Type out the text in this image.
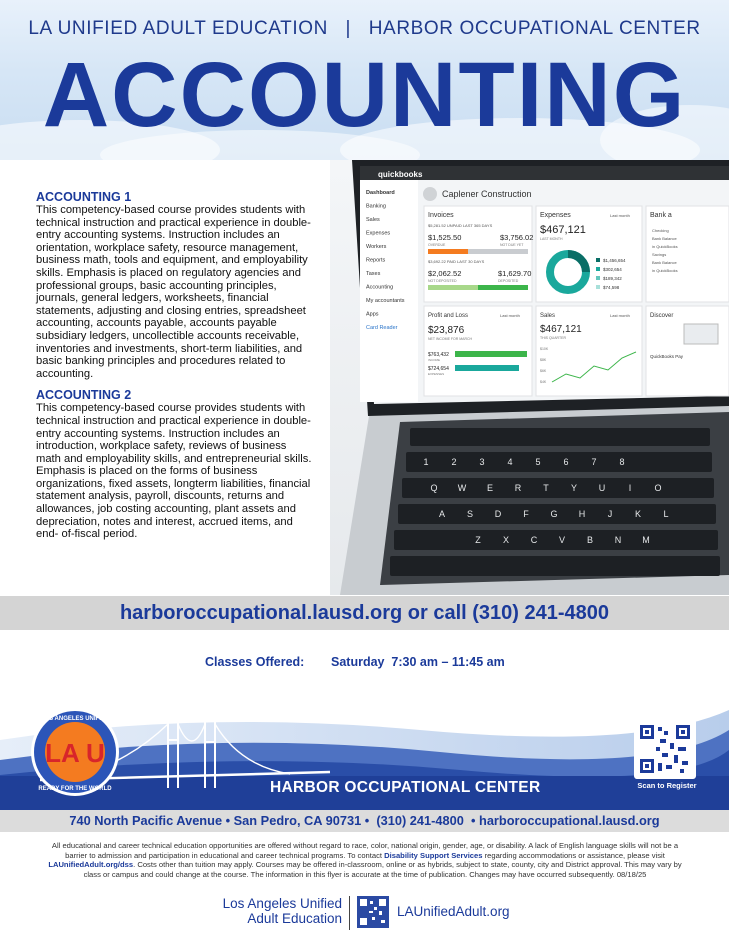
LA UNIFIED ADULT EDUCATION   |   HARBOR OCCUPATIONAL CENTER
ACCOUNTING
1	2	3	4	5	6	7	8
Q W E R T Y U	I	O
A S D F G H	J	K L
Z X C V B N M
quickbooks
Dashboard
Banking
Sales
Expenses
Workers
Reports
Taxes
Accounting
My accountants
Apps
Card Reader
Caplener Construction
Invoices
$5,281.52 UNPAID LAST 365 DAYS
$1,525.50
OVERDUE
$3,756.02
NOT DUE YET
$3,692.22 PAID LAST 30 DAYS
$2,062.52
NOT DEPOSITED
$1,629.70
DEPOSITED
Expenses	Last month
$467,121
LAST MONTH
$1,456,654
$302,654
$189,342
$74,598
Bank a
Checking
Bank Balance
in QuickBooks
Savings
Bank Balance
in QuickBooks
Profit and Loss	Last month
$23,876
NET INCOME FOR MARCH
$763,432
INCOME
$724,654
EXPENSES
Sales	Last month
$467,121
THIS QUARTER
$10K
$8K
$6K
$4K
Discover
QuickBooks Pay
ACCOUNTING 1

This competency-based course provides students with technical instruction and practical experience in double-entry accounting systems. Instruction includes an orientation, workplace safety, resource management, business math, tools and equipment, and employability skills. Emphasis is placed on regulatory agencies and professional groups, basic accounting principles, journals, general ledgers, worksheets, financial statements, adjusting and closing entries, spreadsheet accounting, accounts payable, accounts payable subsidiary ledgers, uncollectible accounts receivable, inventories and investments, short-term liabilities, and basic banking principles and procedures related to accounting.

ACCOUNTING 2

This competency-based course provides students with technical instruction and practical experience in double-entry accounting systems. Instruction includes an introduction, workplace safety, reviews of business math and employability skills, and entrepreneurial skills. Emphasis is placed on the forms of business organizations, fixed assets, longterm liabilities, financial statement analysis, payroll, discounts, returns and allowances, job costing accounting, plant assets and depreciation, notes and interest, accrued items, and end- of-fiscal period.

harboroccupational.lausd.org or call (310) 241-4800
Classes Offered: Saturday  7:30 am – 11:45 am
LA U
LOS ANGELES UNIFIED
READY FOR THE WORLD	HARBOR OCCUPATIONAL CENTER	Scan to Register
740 North Pacific Avenue • San Pedro, CA 90731 •  (310) 241-4800  • harboroccupational.lausd.org
All educational and career technical education opportunities are offered without regard to race, color, national origin, gender, age, or disability. A lack of English language skills will not be a barrier to admission and participation in educational and career technical programs. To contact Disability Support Services regarding accommodations or assistance, please visit LAUnifiedAdult.org/dss. Costs other than tuition may apply. Courses may be offered in-classroom, online or as hybrids, subject to state, county, city and District approval. This may vary by class or campus and could change at the course. The information in this flyer is accurate at the time of publication. Changes may have occurred subsequently. 08/18/25
Los Angeles Unified
Adult Education	LAUnifiedAdult.org
